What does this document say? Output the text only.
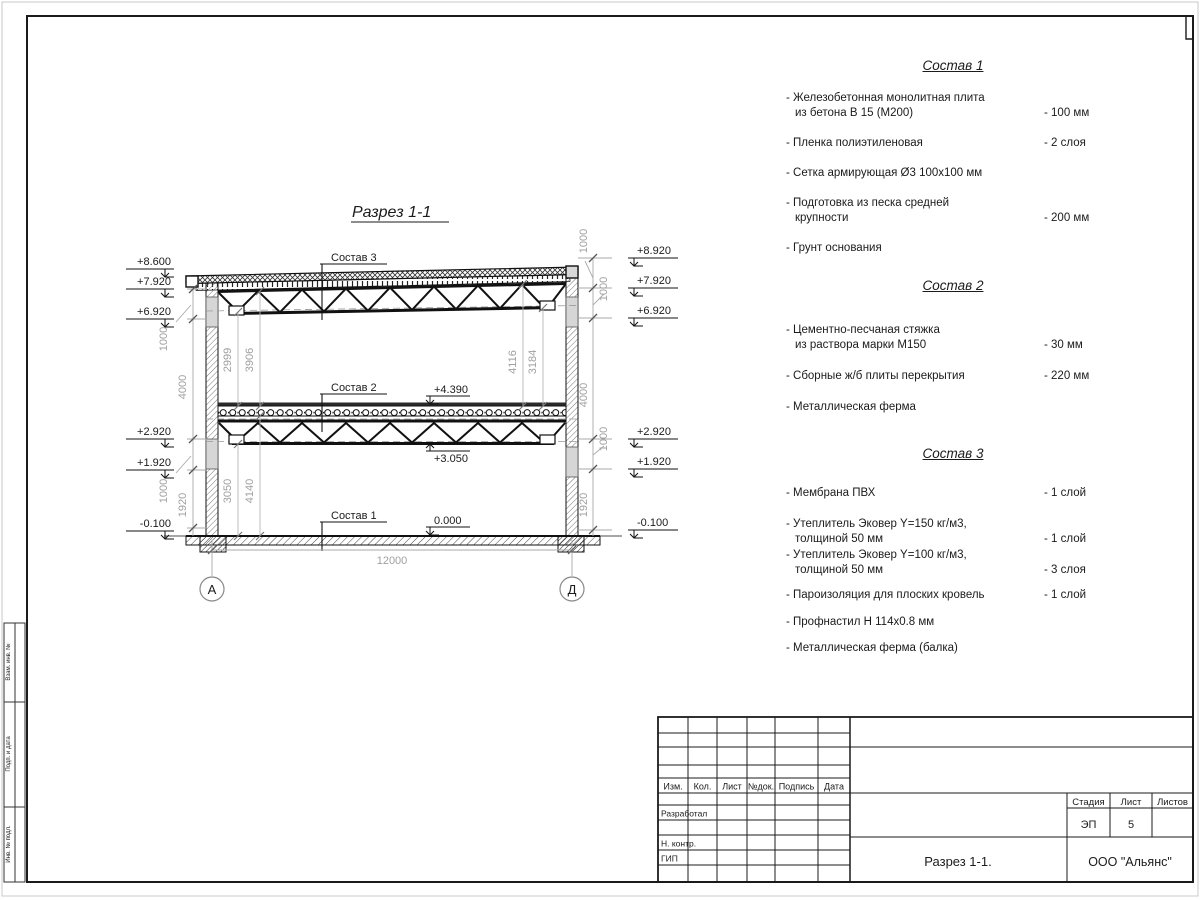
Взам. инв. №
Подп. и дата
Инв. № подл.
Разрез 1-1
Состав 3
Состав 2
Состав 1
+4.390
+3.050
0.000
+8.600
+7.920
+6.920
+2.920
+1.920
-0.100
+8.920
+7.920
+6.920
+2.920
+1.920
-0.100
1000
4000
1000
1920
1000
1000
4000
1000
1920
2999 3906	4116 3184
3050 4140
12000
А	Д
Изм. Кол. Лист №док. Подпись Дата
Разработал
Н. контр.
ГИП
Стадия Лист Листов
ЭП	5
Разрез 1-1.	ООО "Альянс"
Состав 1
- Железобетонная монолитная плита
из бетона В 15 (М200)	- 100 мм
- Пленка полиэтиленовая	- 2 слоя
- Сетка армирующая Ø3 100х100 мм
- Подготовка из песка средней
крупности	- 200 мм
- Грунт основания
Состав 2
- Цементно-песчаная стяжка
из раствора марки М150	- 30 мм
- Сборные ж/б плиты перекрытия	- 220 мм
- Металлическая ферма
Состав 3
- Мембрана ПВХ	- 1 слой
- Утеплитель Эковер Y=150 кг/м3,
толщиной 50 мм	- 1 слой
- Утеплитель Эковер Y=100 кг/м3,
толщиной 50 мм	- 3 слоя
- Пароизоляция для плоских кровель	- 1 слой
- Профнастил Н 114х0.8 мм
- Металлическая ферма (балка)
